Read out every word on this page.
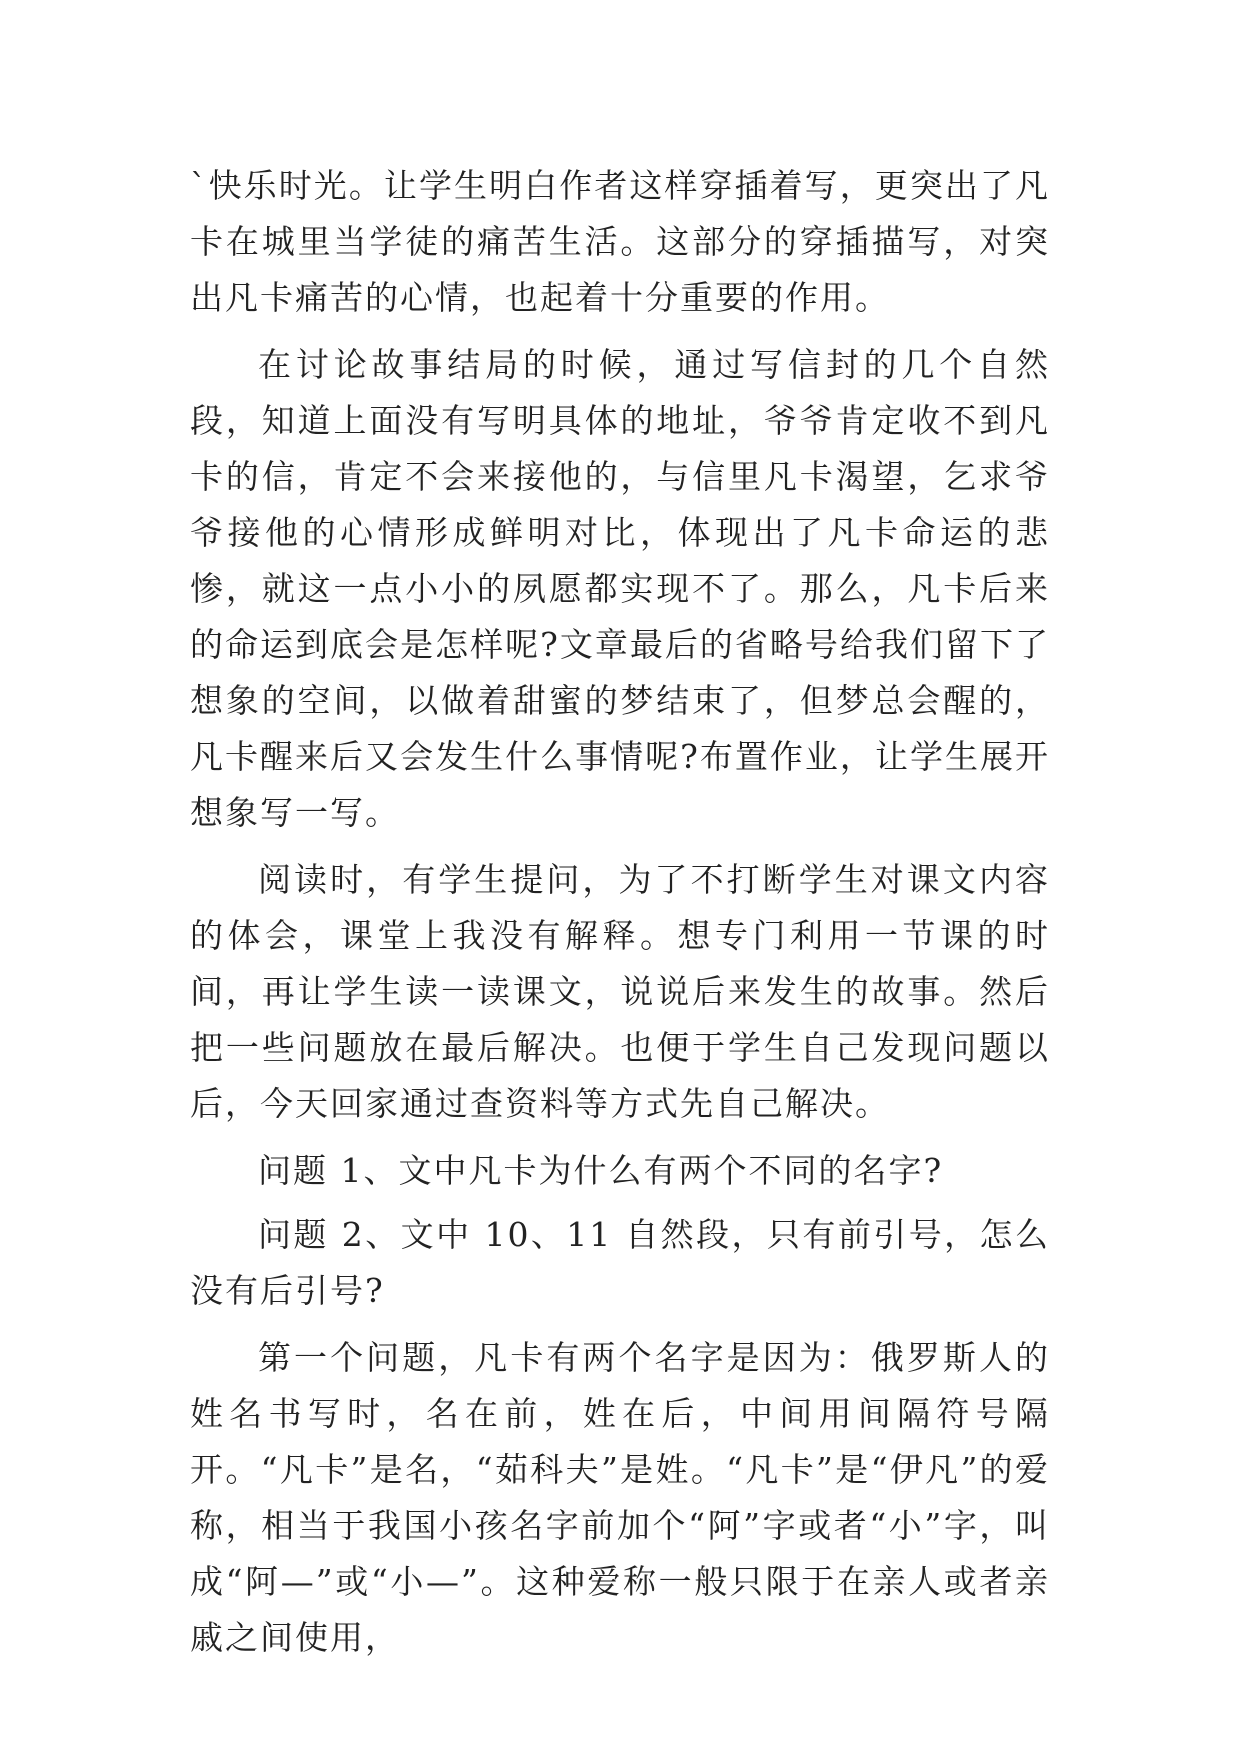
`快乐时光。让学生明白作者这样穿插着写，更突出了凡卡在城里当学徒的痛苦生活。这部分的穿插描写，对突出凡卡痛苦的心情，也起着十分重要的作用。

在讨论故事结局的时候，通过写信封的几个自然段，知道上面没有写明具体的地址，爷爷肯定收不到凡卡的信，肯定不会来接他的，与信里凡卡渴望，乞求爷爷接他的心情形成鲜明对比，体现出了凡卡命运的悲惨，就这一点小小的夙愿都实现不了。那么，凡卡后来的命运到底会是怎样呢?文章最后的省略号给我们留下了想象的空间，以做着甜蜜的梦结束了，但梦总会醒的，凡卡醒来后又会发生什么事情呢?布置作业，让学生展开想象写一写。

阅读时，有学生提问，为了不打断学生对课文内容的体会，课堂上我没有解释。想专门利用一节课的时间，再让学生读一读课文，说说后来发生的故事。然后把一些问题放在最后解决。也便于学生自己发现问题以后，今天回家通过查资料等方式先自己解决。

问题 1、文中凡卡为什么有两个不同的名字?

问题 2、文中 10、11 自然段，只有前引号，怎么没有后引号?

第一个问题，凡卡有两个名字是因为：俄罗斯人的姓名书写时，名在前，姓在后，中间用间隔符号隔开。“凡卡”是名，“茹科夫”是姓。“凡卡”是“伊凡”的爱称，相当于我国小孩名字前加个“阿”字或者“小”字，叫成“阿—”或“小—”。这种爱称一般只限于在亲人或者亲戚之间使用，
